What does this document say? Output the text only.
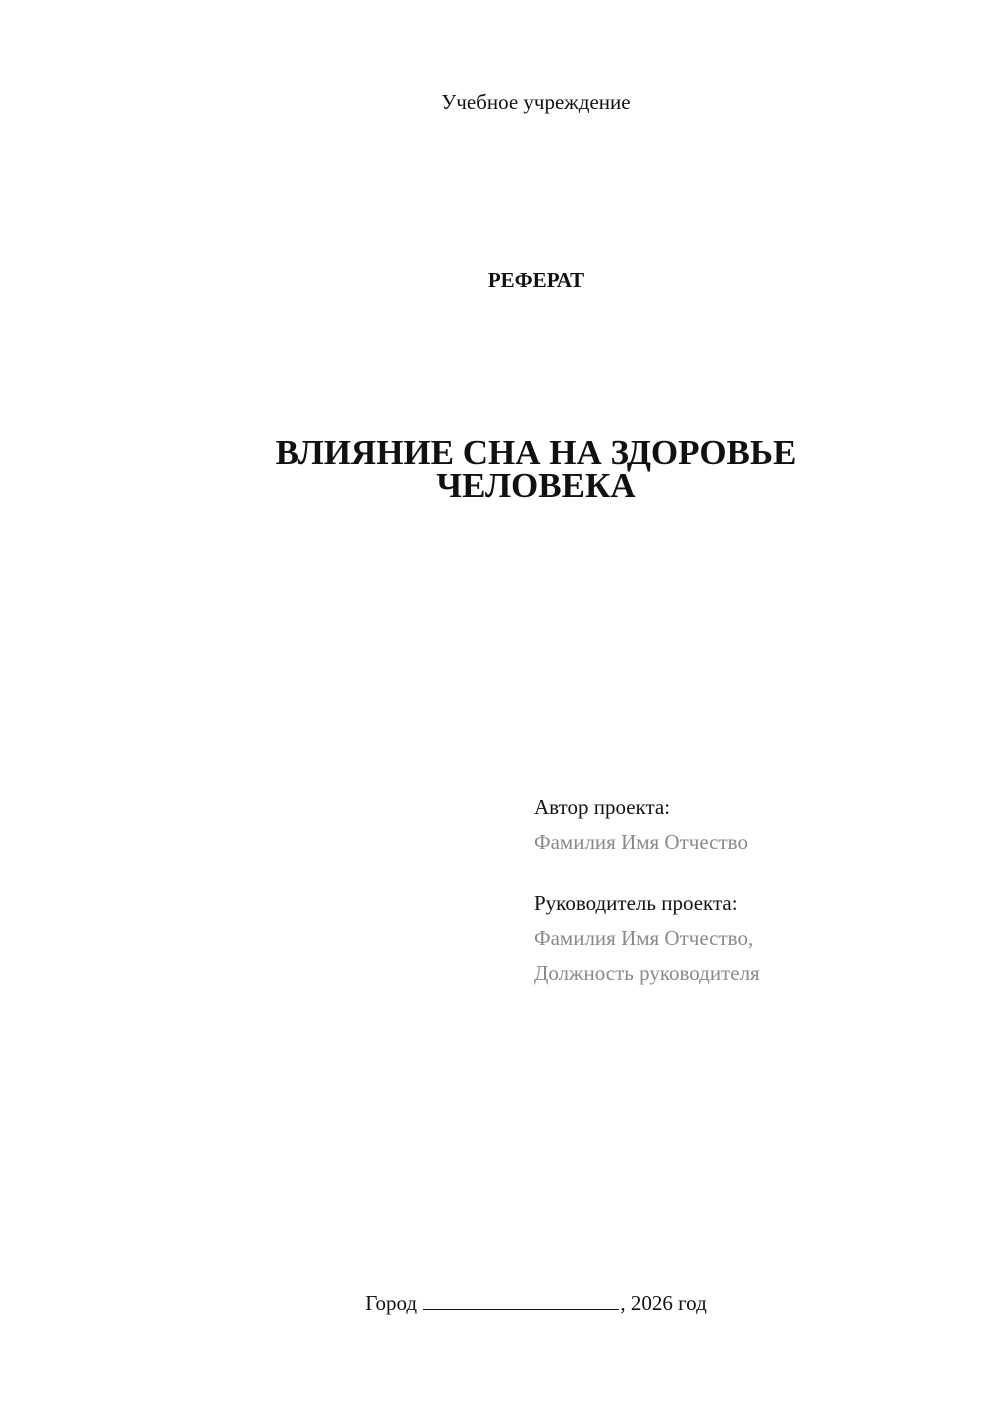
Учебное учреждение
РЕФЕРАТ
ВЛИЯНИЕ СНА НА ЗДОРОВЬЕ
ЧЕЛОВЕКА
Автор проекта:
Фамилия Имя Отчество
Руководитель проекта:
Фамилия Имя Отчество,
Должность руководителя
Город	, 2026 год
